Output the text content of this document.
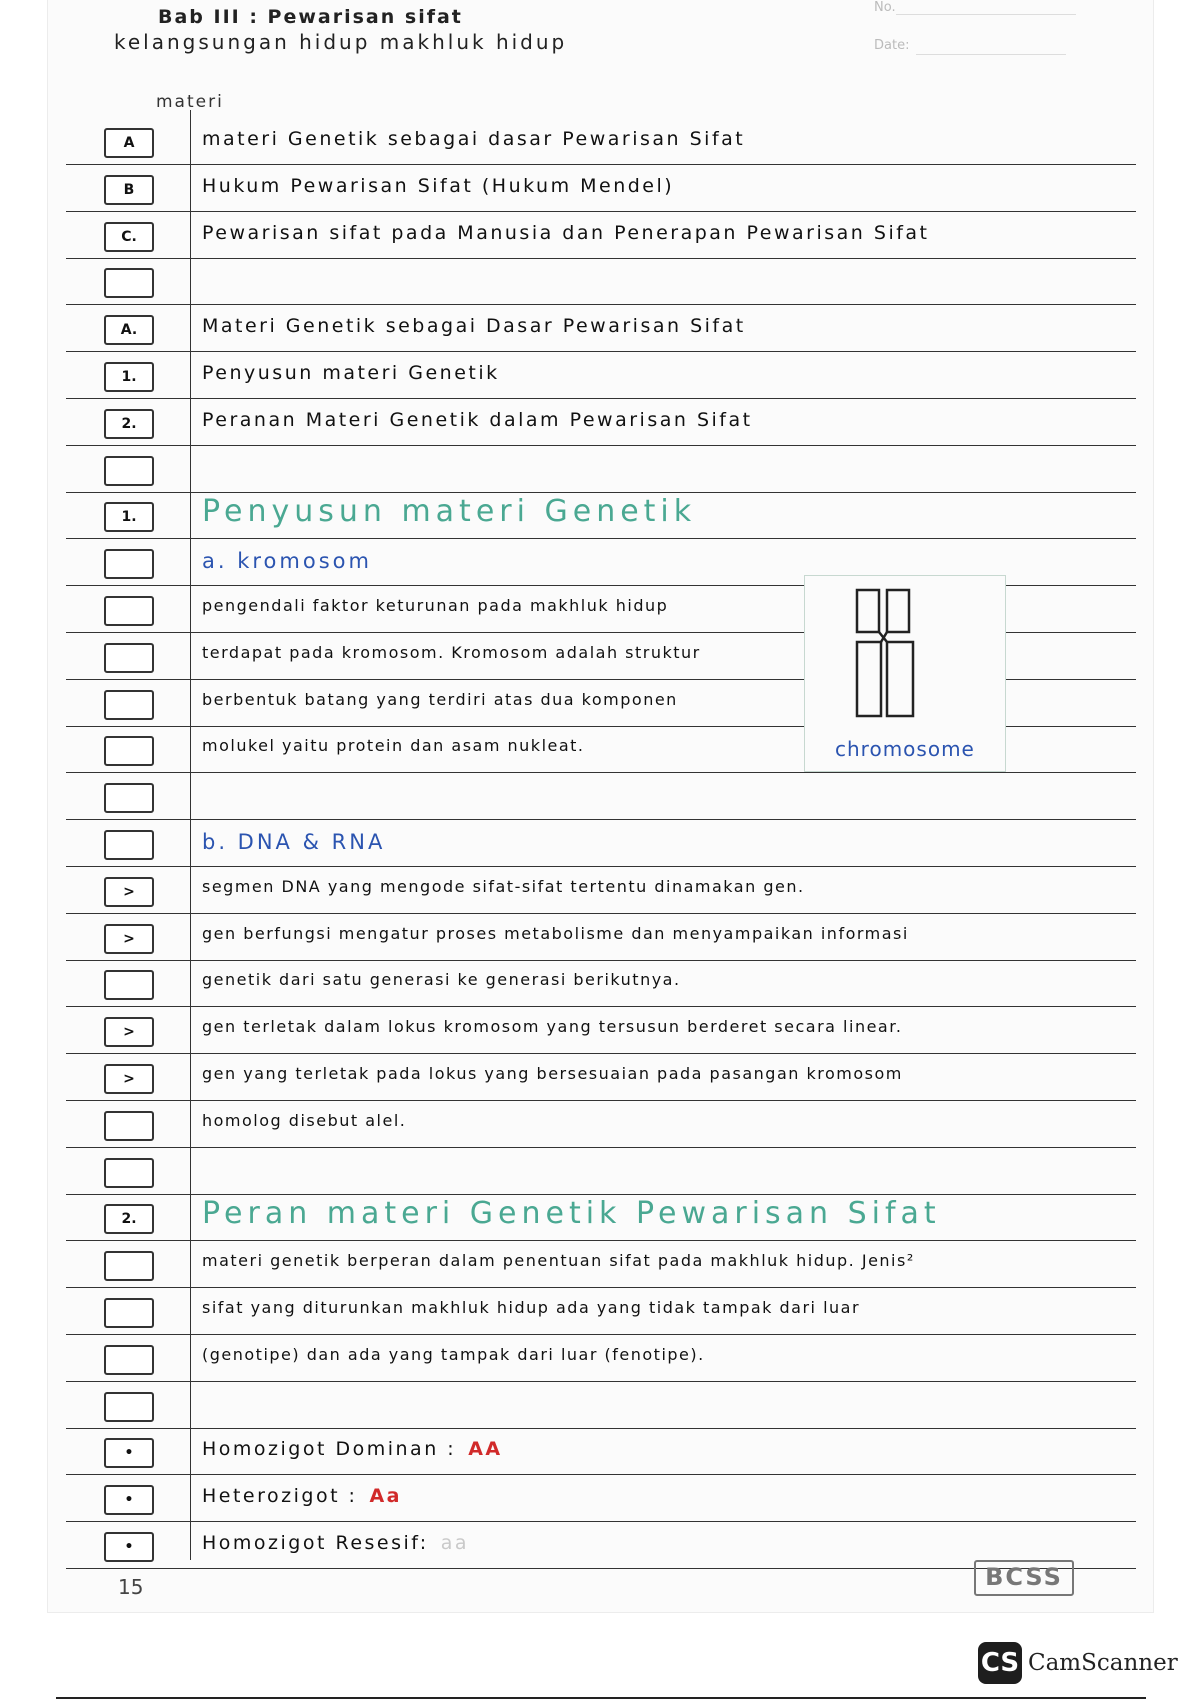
Bab III : Pewarisan sifat
kelangsungan hidup makhluk hidup
No.
Date:
materi
A	materi Genetik sebagai dasar Pewarisan Sifat
B	Hukum Pewarisan Sifat (Hukum Mendel)
C.	Pewarisan sifat pada Manusia dan Penerapan Pewarisan Sifat
A.	Materi Genetik sebagai Dasar Pewarisan Sifat
1.	Penyusun materi Genetik
2.	Peranan Materi Genetik dalam Pewarisan Sifat
1.	Penyusun materi Genetik
a. kromosom
pengendali faktor keturunan pada makhluk hidup
terdapat pada kromosom. Kromosom adalah struktur
berbentuk batang yang terdiri atas dua komponen
molukel yaitu protein dan asam nukleat.
b. DNA & RNA
>	segmen DNA yang mengode sifat-sifat tertentu dinamakan gen.
>	gen berfungsi mengatur proses metabolisme dan menyampaikan informasi
genetik dari satu generasi ke generasi berikutnya.
>	gen terletak dalam lokus kromosom yang tersusun berderet secara linear.
>	gen yang terletak pada lokus yang bersesuaian pada pasangan kromosom
homolog disebut alel.
2.	Peran materi Genetik Pewarisan Sifat
materi genetik berperan dalam penentuan sifat pada makhluk hidup. Jenis²
sifat yang diturunkan makhluk hidup ada yang tidak tampak dari luar
(genotipe) dan ada yang tampak dari luar (fenotipe).
•	Homozigot Dominan : AA
•	Heterozigot : Aa
•	Homozigot Resesif: aa
chromosome
15	BCSS
CS CamScanner
